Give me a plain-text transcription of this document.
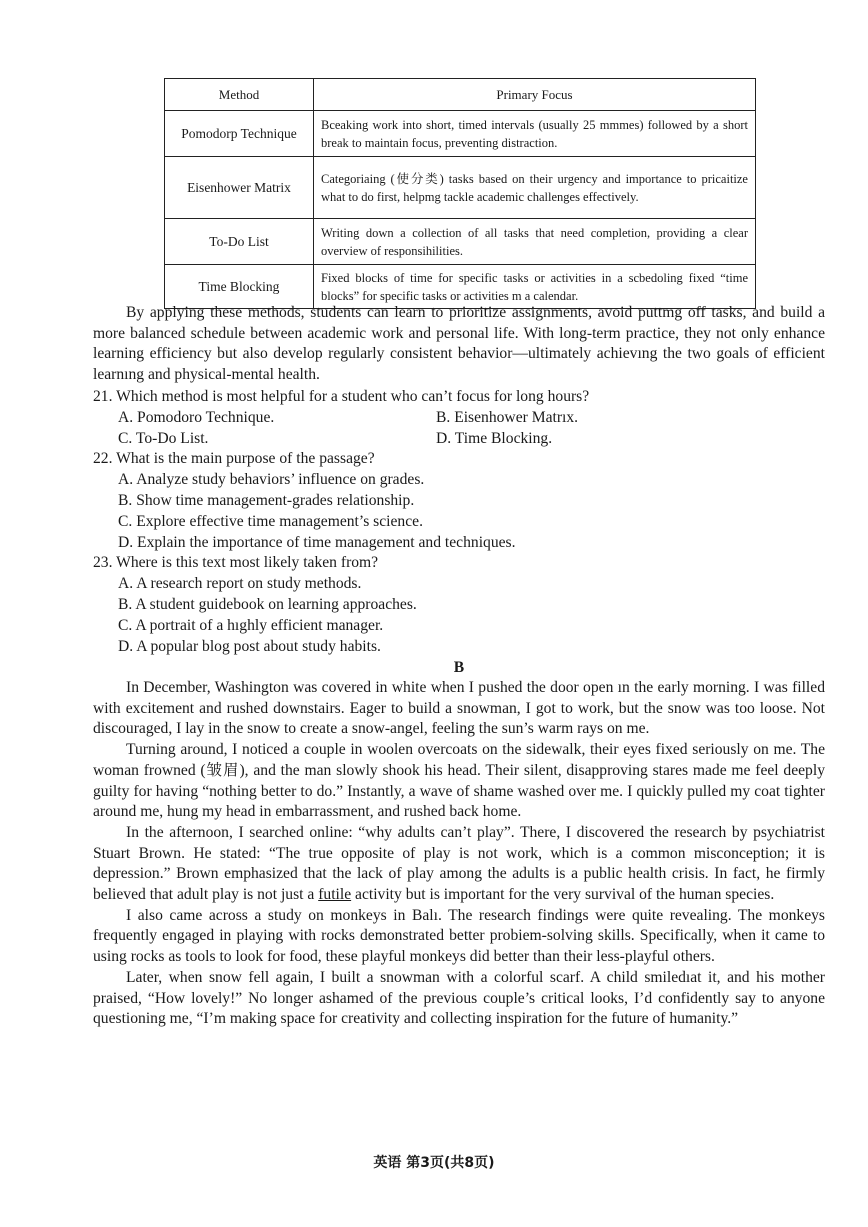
Method	Primary Focus
Pomodorp Technique	Bceaking work into short, timed intervals (usually 25 mmmes) followed by a short break to maintain focus, preventing distraction.
Eisenhower Matrix	Categoriaing (使分类) tasks based on their urgency and importance to pricaitize what to do first, helpmg tackle academic challenges effectively.
To-Do List	Writing down a collection of all tasks that need completion, providing a clear overview of responsihilities.
Time Blocking	Fixed blocks of time for specific tasks or activities in a scbedoling fixed “time blocks” for specific tasks or activities m a calendar.

By applying these methods, students can learn to prioritize assignments, avoid puttmg off tasks, and build a more balanced schedule between academic work and personal life. With long-term practice, they not only enhance learning efficiency but also develop regularly consistent behavior—ultimately achievıng the two goals of efficient learnıng and physical-mental health.

21. Which method is most helpful for a student who can’t focus for long hours?

A. Pomodoro Technique.	B. Eisenhower Matrıx.
C. To-Do List.	D. Time Blocking.

22. What is the main purpose of the passage?

A. Analyze study behaviors’ influence on grades.

B. Show time management-grades relationship.

C. Explore effective time management’s science.

D. Explain the importance of time management and techniques.

23. Where is this text most likely taken from?

A. A research report on study methods.

B. A student guidebook on learning approaches.

C. A portrait of a hıghly efficient manager.

D. A popular blog post about study habits.

B

In December, Washington was covered in white when I pushed the door open ın the early morning. I was filled with excitement and rushed downstairs. Eager to build a snowman, I got to work, but the snow was too loose. Not discouraged, I lay in the snow to create a snow-angel, feeling the sun’s warm rays on me.

Turning around, I noticed a couple in woolen overcoats on the sidewalk, their eyes fixed seriously on me. The woman frowned (皱眉), and the man slowly shook his head. Their silent, disapproving stares made me feel deeply guilty for having “nothing better to do.” Instantly, a wave of shame washed over me. I quickly pulled my coat tighter around me, hung my head in embarrassment, and rushed back home.

In the afternoon, I searched online: “why adults can’t play”. There, I discovered the research by psychiatrist Stuart Brown. He stated: “The true opposite of play is not work, which is a common misconception; it is depression.” Brown emphasized that the lack of play among the adults is a public health crisis. In fact, he firmly believed that adult play is not just a futile activity but is important for the very survival of the human species.

I also came across a study on monkeys in Balı. The research findings were quite revealing. The monkeys frequently engaged in playing with rocks demonstrated better probiem-solving skills. Specifically, when it came to using rocks as tools to look for food, these playful monkeys did better than their less-playful others.

Later, when snow fell again, I built a snowman with a colorful scarf. A child smiledıat it, and his mother praised, “How lovely!” No longer ashamed of the previous couple’s critical looks, I’d confidently say to anyone questioning me, “I’m making space for creativity and collecting inspiration for the future of humanity.”

英语 第3页(共8页)
